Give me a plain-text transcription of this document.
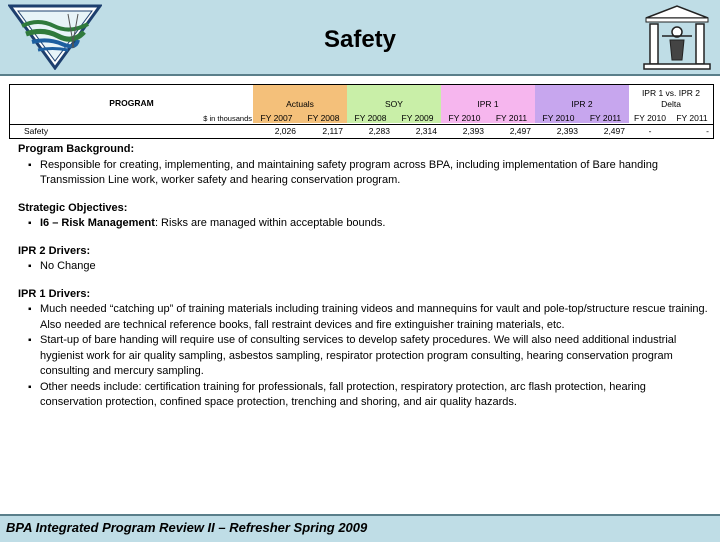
Safety
PROGRAM	Actuals	SOY	IPR 1	IPR 2
IPR 1 vs. IPR 2
Delta
$ in thousands	FY 2007	FY 2008	FY 2008	FY 2009	FY 2010	FY 2011	FY 2010	FY 2011	FY 2010	FY 2011
Safety	2,026	2,117	2,283	2,314	2,393	2,497	2,393	2,497	-	-
Program Background:
▪ Responsible for creating, implementing, and maintaining safety program across BPA, including implementation of Bare handing Transmission Line work, worker safety and hearing conservation program.
Strategic Objectives:
▪ I6 – Risk Management: Risks are managed within acceptable bounds.
IPR 2 Drivers:
▪ No Change
IPR 1 Drivers:
▪ Much needed “catching up” of training materials including training videos and mannequins for vault and pole-top/structure rescue training. Also needed are technical reference books, fall restraint devices and fire extinguisher training materials, etc.
▪ Start-up of bare handing will require use of consulting services to develop safety procedures. We will also need additional industrial hygienist work for air quality sampling, asbestos sampling, respirator protection program consulting, hearing conservation program consulting and mercury sampling.
▪ Other needs include: certification training for professionals, fall protection, respiratory protection, arc flash protection, hearing conservation protection, confined space protection, trenching and shoring, and air quality hazards.
BPA Integrated Program Review II – Refresher Spring 2009
